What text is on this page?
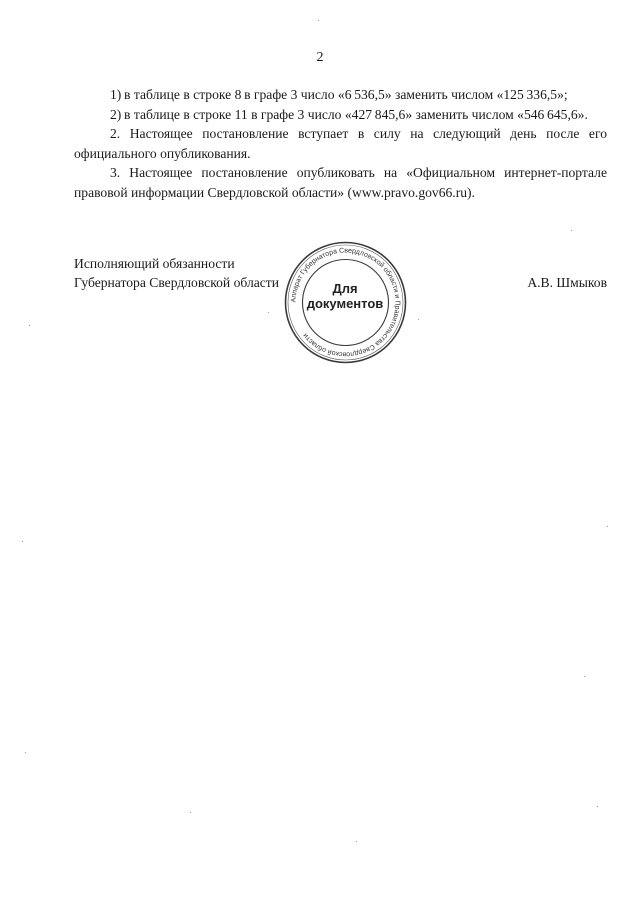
2

1) в таблице в строке 8 в графе 3 число «6 536,5» заменить числом «125 336,5»;

2) в таблице в строке 11 в графе 3 число «427 845,6» заменить числом «546 645,6».

2. Настоящее постановление вступает в силу на следующий день после его официального опубликования.

3. Настоящее постановление опубликовать на «Официальном интернет-портале правовой информации Свердловской области» (www.pravo.gov66.ru).

Исполняющий обязанности
Губернатора Свердловской области	А.В. Шмыков
Аппарат Губернатора Свердловской области и Правительства Свердловской области
Для
документов
